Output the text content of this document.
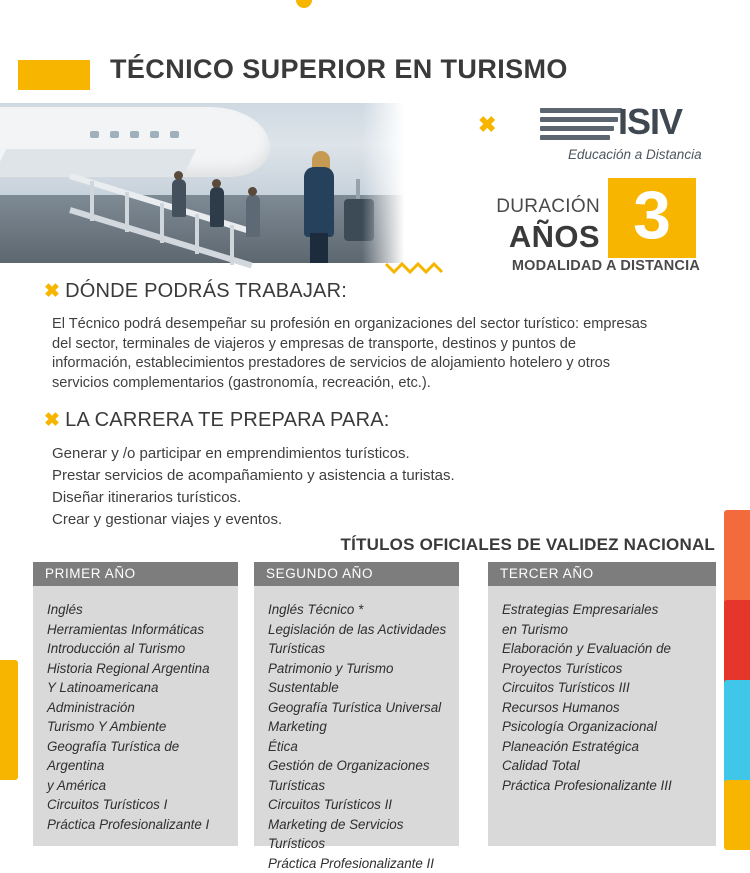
TÉCNICO SUPERIOR EN TURISMO
✖	ISIV
Educación a Distancia
3
DURACIÓN
AÑOS
MODALIDAD A DISTANCIA
✖ DÓNDE PODRÁS TRABAJAR:
El Técnico podrá desempeñar su profesión en organizaciones del sector turístico: empresas del sector, terminales de viajeros y empresas de transporte, destinos y puntos de información, establecimientos prestadores de servicios de alojamiento hotelero y otros servicios complementarios (gastronomía, recreación, etc.).
✖ LA CARRERA TE PREPARA PARA:
Generar y /o participar en emprendimientos turísticos.
Prestar servicios de acompañamiento y asistencia a turistas.
Diseñar itinerarios turísticos.
Crear y gestionar viajes y eventos.
TÍTULOS OFICIALES DE VALIDEZ NACIONAL
PRIMER AÑO
Inglés
Herramientas Informáticas
Introducción al Turismo
Historia Regional Argentina
Y Latinoamericana
Administración
Turismo Y Ambiente
Geografía Turística de Argentina
y América
Circuitos Turísticos I
Práctica Profesionalizante I
SEGUNDO AÑO
Inglés Técnico *
Legislación de las Actividades Turísticas
Patrimonio y Turismo Sustentable
Geografía Turística Universal
Marketing
Ética
Gestión de Organizaciones Turísticas
Circuitos Turísticos II
Marketing de Servicios Turísticos
Práctica Profesionalizante II
TERCER AÑO
Estrategias Empresariales
en Turismo
Elaboración y Evaluación de
Proyectos Turísticos
Circuitos Turísticos III
Recursos Humanos
Psicología Organizacional
Planeación Estratégica
Calidad Total
Práctica Profesionalizante III
